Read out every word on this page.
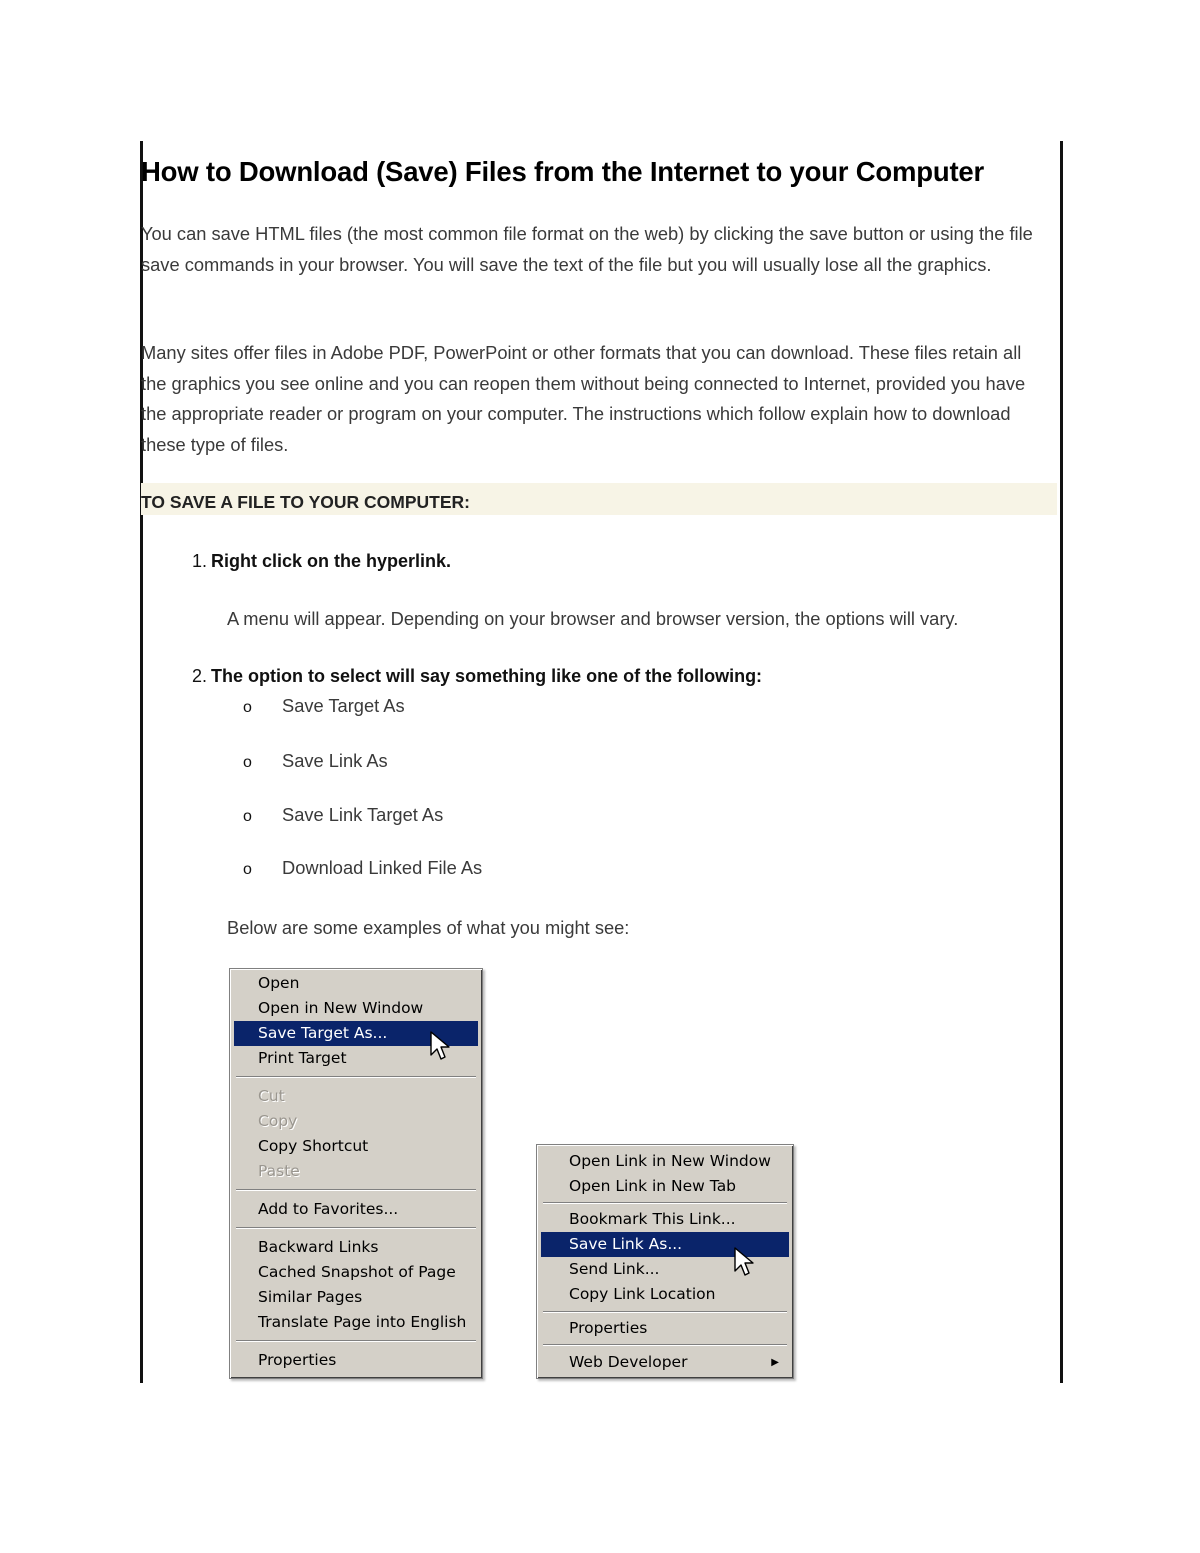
How to Download (Save) Files from the Internet to your Computer

You can save HTML files (the most common file format on the web) by clicking the save button or using the file save commands in your browser. You will save the text of the file but you will usually lose all the graphics.

Many sites offer files in Adobe PDF, PowerPoint or other formats that you can download. These files retain all the graphics you see online and you can reopen them without being connected to Internet, provided you have the appropriate reader or program on your computer. The instructions which follow explain how to download these type of files.

TO SAVE A FILE TO YOUR COMPUTER:
1. Right click on the hyperlink.

A menu will appear. Depending on your browser and browser version, the options will vary.

2. The option to select will say something like one of the following:
o Save Target As
o Save Link As
o Save Link Target As
o Download Linked File As

Below are some examples of what you might see:

Open
Open in New Window
Save Target As...
Print Target
Cut
Copy
Copy Shortcut
Paste
Add to Favorites...
Backward Links
Cached Snapshot of Page
Similar Pages
Translate Page into English
Properties
Open Link in New Window
Open Link in New Tab
Bookmark This Link...
Save Link As...
Send Link...
Copy Link Location
Properties
Web Developer	▶
